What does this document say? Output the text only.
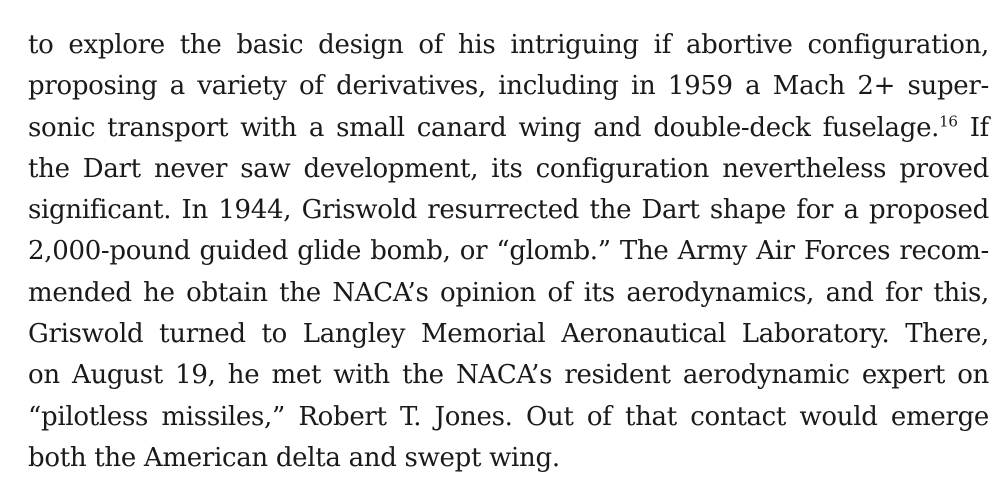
to explore the basic design of his intriguing if abortive configuration,
proposing a variety of derivatives, including in 1959 a Mach 2+ super-
sonic transport with a small canard wing and double-deck fuselage.$^{16}$ If
the Dart never saw development, its configuration nevertheless proved
significant. In 1944, Griswold resurrected the Dart shape for a proposed
2,000-pound guided glide bomb, or “glomb.” The Army Air Forces recom-
mended he obtain the NACA’s opinion of its aerodynamics, and for this,
Griswold turned to Langley Memorial Aeronautical Laboratory. There,
on August 19, he met with the NACA’s resident aerodynamic expert on
“pilotless missiles,” Robert T. Jones. Out of that contact would emerge
both the American delta and swept wing.
